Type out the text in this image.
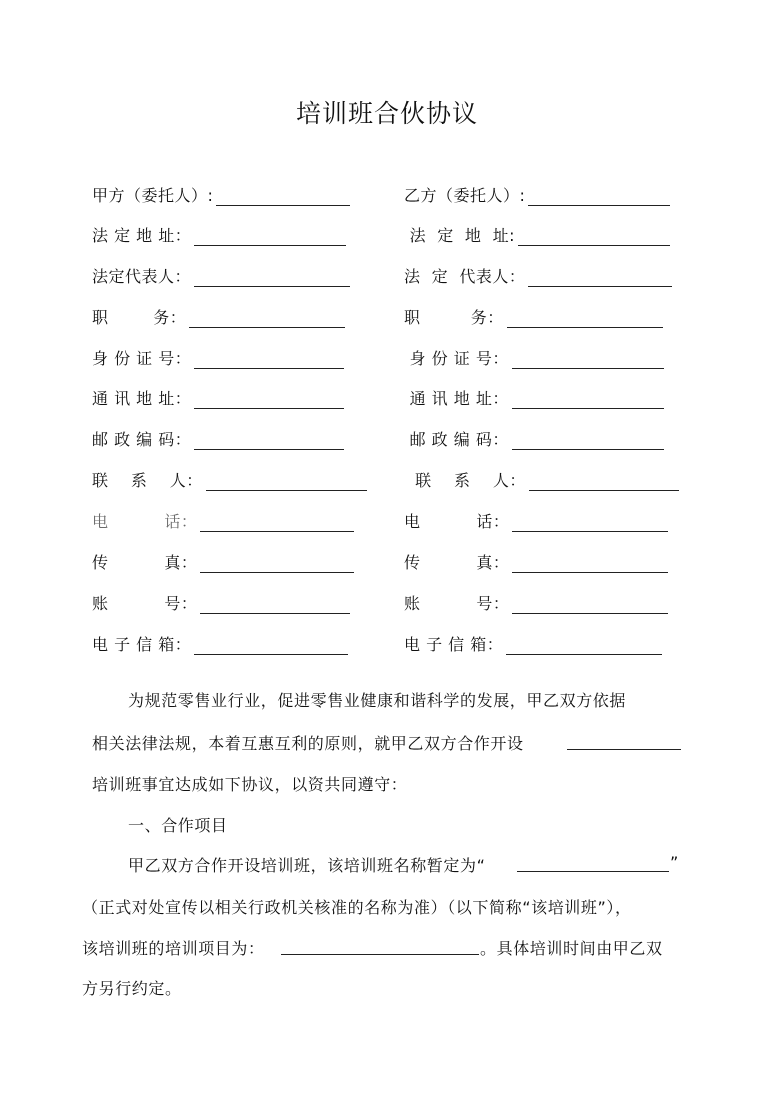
培训班合伙协议
甲方（委托人）:	乙方（委托人）:
法 定 地 址：	法  定  地  址:
法定代表人：	法  定  代表人：
职        务：	职         务：
身 份 证 号：	身 份 证 号：
通 讯 地 址：	通 讯 地 址：
邮 政 编 码：	邮 政 编 码：
联    系    人：	联    系    人：
电          话：	电          话：
传          真：	传          真：
账          号：	账          号：
电 子 信 箱：	电 子 信 箱：
为规范零售业行业，促进零售业健康和谐科学的发展，甲乙双方依据
相关法律法规，本着互惠互利的原则，就甲乙双方合作开设
培训班事宜达成如下协议，以资共同遵守：
一、合作项目
甲乙双方合作开设培训班，该培训班名称暂定为“	”
（正式对处宣传以相关行政机关核准的名称为准）（以下简称“该培训班”），
该培训班的培训项目为：	。具体培训时间由甲乙双
方另行约定。
